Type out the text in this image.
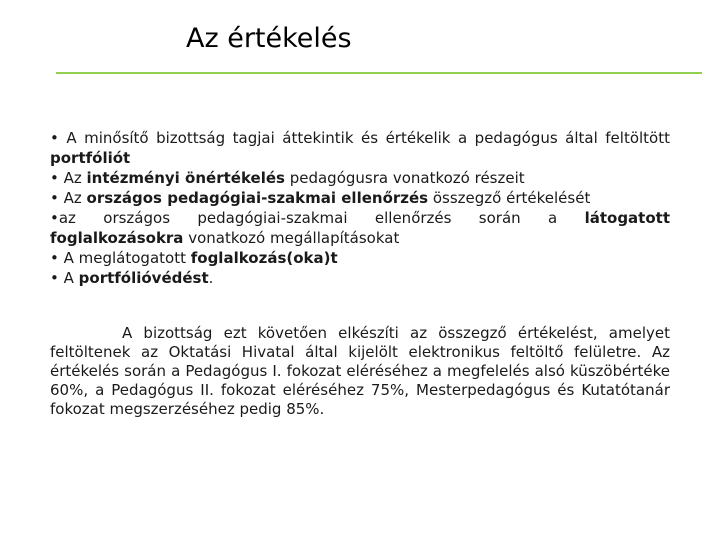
Az értékelés
• A minősítő bizottság tagjai áttekintik és értékelik a pedagógus által feltöltött portfóliót
• Az intézményi önértékelés pedagógusra vonatkozó részeit
• Az országos pedagógiai-szakmai ellenőrzés összegző értékelését
•az országos pedagógiai-szakmai ellenőrzés során a látogatott foglalkozásokra vonatkozó megállapításokat
• A meglátogatott foglalkozás(oka)t
• A portfólióvédést.

A bizottság ezt követően elkészíti az összegző értékelést, amelyet feltöltenek az Oktatási Hivatal által kijelölt elektronikus feltöltő felületre. Az értékelés során a Pedagógus I. fokozat eléréséhez a megfelelés alsó küszöbértéke 60%, a Pedagógus II. fokozat eléréséhez 75%, Mesterpedagógus és Kutatótanár fokozat megszerzéséhez pedig 85%.
